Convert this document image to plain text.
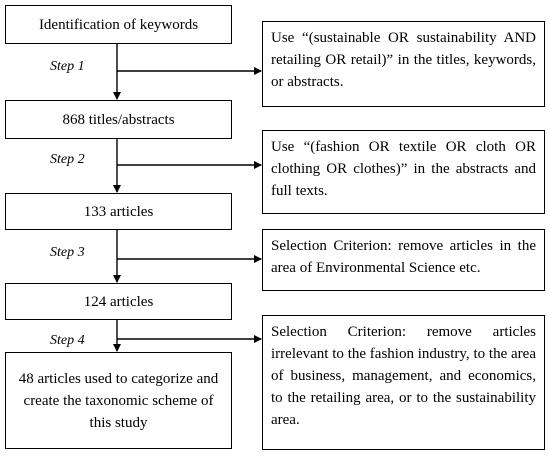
Identification of keywords
868 titles/abstracts
133 articles
124 articles
48 articles used to categorize and create the taxonomic scheme of this study
Step 1
Step 2
Step 3
Step 4
Use “(sustainable OR sustainability AND retailing OR retail)” in the titles, keywords, or abstracts.
Use “(fashion OR textile OR cloth OR clothing OR clothes)” in the abstracts and full texts.
Selection Criterion: remove articles in the area of Environmental Science etc.
Selection Criterion: remove articles irrelevant to the fashion industry, to the area of business, management, and economics, to the retailing area, or to the sustainability area.
